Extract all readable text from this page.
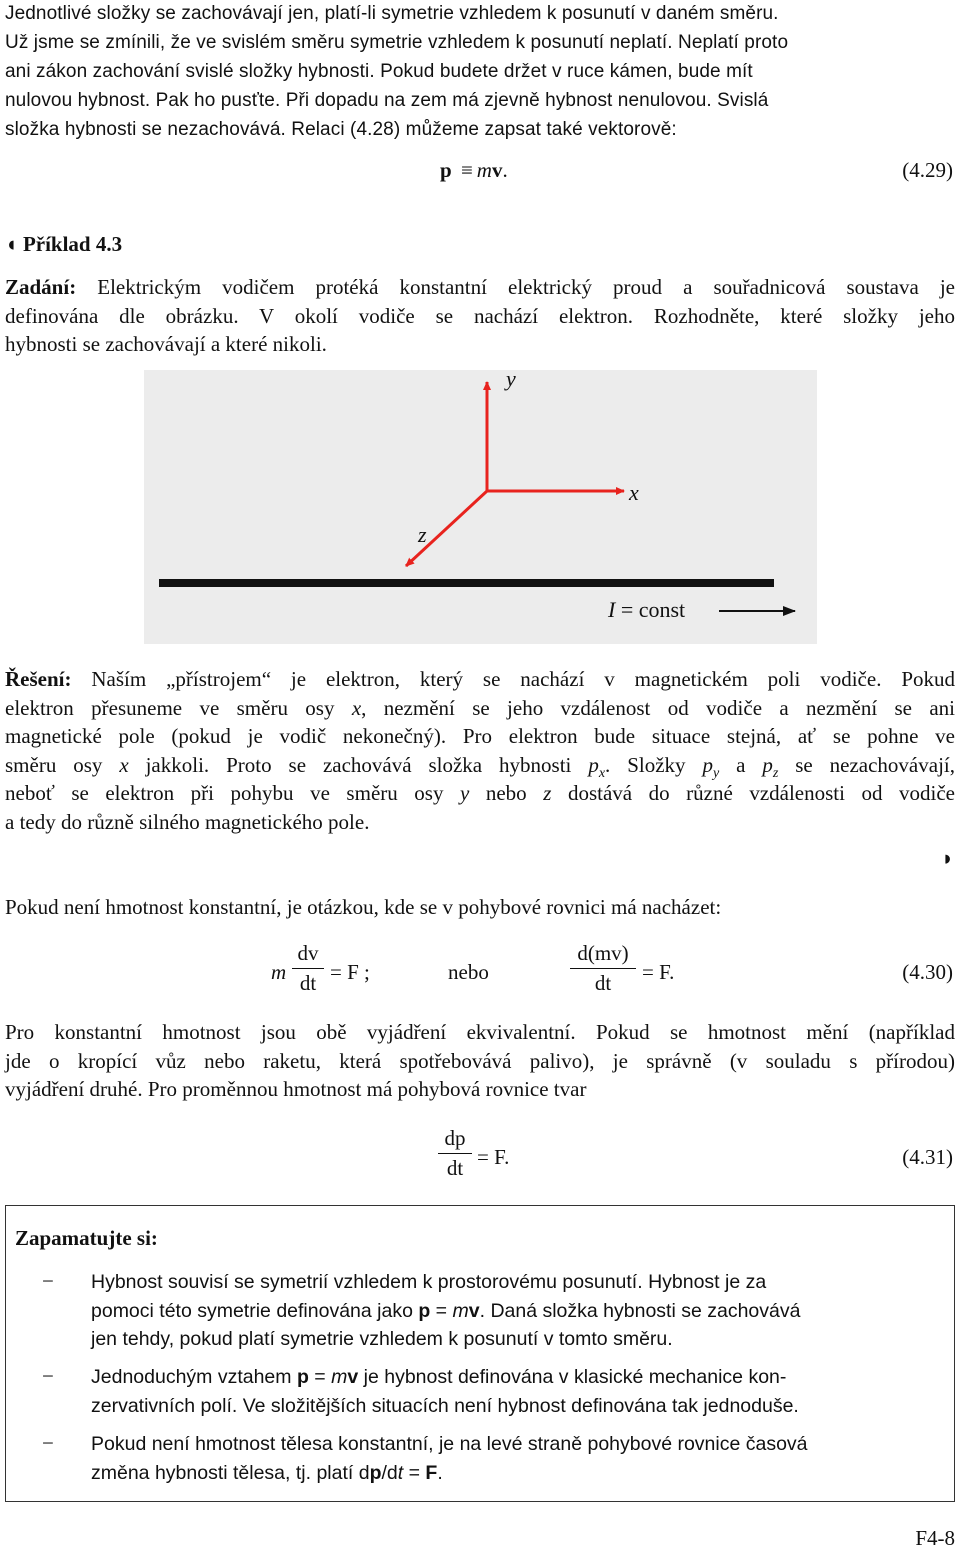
Jednotlivé složky se zachovávají jen, platí-li symetrie vzhledem k posunutí v daném směru.
Už jsme se zmínili, že ve svislém směru symetrie vzhledem k posunutí neplatí. Neplatí proto
ani zákon zachování svislé složky hybnosti. Pokud budete držet v ruce kámen, bude mít
nulovou hybnost. Pak ho pusťte. Při dopadu na zem má zjevně hybnost nenulovou. Svislá
složka hybnosti se nezachovává. Relaci (4.28) můžeme zapsat také vektorově:
p ≡ mv.	(4.29)
◖ Příklad 4.3
Zadání: Elektrickým vodičem protéká konstantní elektrický proud a souřadnicová soustava je
definována dle obrázku. V okolí vodiče se nachází elektron. Rozhodněte, které složky jeho
hybnosti se zachovávají a které nikoli.
y
x
z
I = const
Řešení: Naším „přístrojem“ je elektron, který se nachází v magnetickém poli vodiče. Pokud
elektron přesuneme ve směru osy x, nezmění se jeho vzdálenost od vodiče a nezmění se ani
magnetické pole (pokud je vodič nekonečný). Pro elektron bude situace stejná, ať se pohne ve
směru osy x jakkoli. Proto se zachovává složka hybnosti $p_x$. Složky $p_y$ a $p_z$ se nezachovávají,
neboť se elektron při pohybu ve směru osy y nebo z dostává do různé vzdálenosti od vodiče
a tedy do různě silného magnetického pole.
◗
Pokud není hmotnost konstantní, je otázkou, kde se v pohybové rovnici má nacházet:
m $\frac{dv}{dt} = F$ ;	nebo	$\frac{d(mv)}{dt} = F$.	(4.30)
Pro konstantní hmotnost jsou obě vyjádření ekvivalentní. Pokud se hmotnost mění (například
jde o kropící vůz nebo raketu, která spotřebovává palivo), je správně (v souladu s přírodou)
vyjádření druhé. Pro proměnnou hmotnost má pohybová rovnice tvar
$\frac{dp}{dt} = F$.	(4.31)
Zapamatujte si:
− Hybnost souvisí se symetrií vzhledem k prostorovému posunutí. Hybnost je za
pomoci této symetrie definována jako p = mv. Daná složka hybnosti se zachovává
jen tehdy, pokud platí symetrie vzhledem k posunutí v tomto směru.
− Jednoduchým vztahem p = mv je hybnost definována v klasické mechanice kon-
zervativních polí. Ve složitějších situacích není hybnost definována tak jednoduše.
− Pokud není hmotnost tělesa konstantní, je na levé straně pohybové rovnice časová
změna hybnosti tělesa, tj. platí dp/dt = F.
F4-8
